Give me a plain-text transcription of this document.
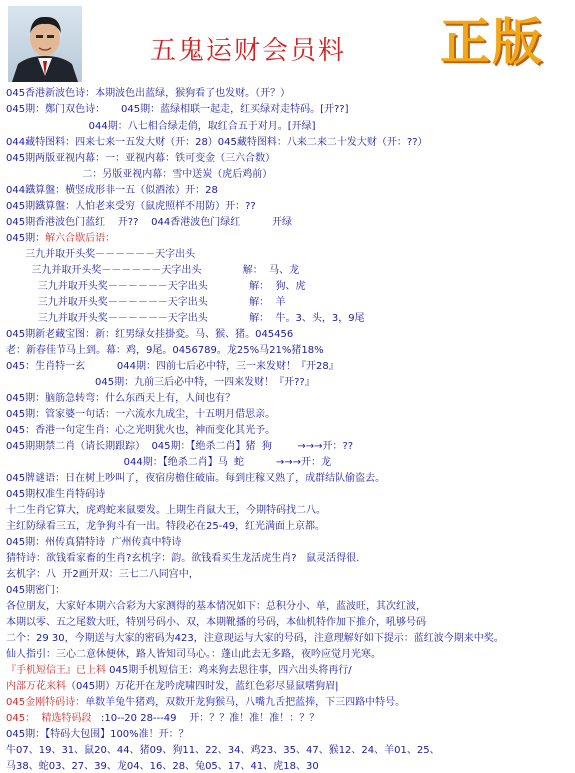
五鬼运财会员料 正版
045香港新波色诗：本期波色出蓝绿，猴狗看了也发财。（开？）
045期：鄭门双色诗：     045期：蓝绿相联一起走，红买绿对走特码。[开??]
044期：八七相合绿走俏，取红合五于对月。[开绿]
044藏特图料：四来七来一五发大财（开：28）045藏特图料：八来二来二十发大财（开：??）
045期两版亚视内幕：一：亚视内幕：铁可变金（三六合数）
二：另版亚视内幕：雪中送炭（虎后鸡前）
044鐡算盤：横竖成形非一五（似酒浓）开：28
045期鐡算盤：人怕老来受穷（鼠虎照样不用防）开：??
045期香港波色门蓝红    开??    044香港波色门绿红          开绿
045期：解六合歇后语：
三九并取开头奖－－－－－－天字出头
三九并取开头奖－－－－－－天字出头             解：  马、龙
三九并取开头奖－－－－－－天字出头             解：  狗、虎
三九并取开头奖－－－－－－天字出头             解：  羊
三九并取开头奖－－－－－－天字出头             解：  牛。3、头，3，9尾
045期新老藏宝图：新：红男绿女挂掛変。马、猴、猪。045456
老：新春佳节马上到。幕：鸡，9尾。0456789。龙25%马21%猪18%
045：生肖特一玄          044期：四前七后必中特，三一来发财！『开28』
045期：九前三后必中特，一四来发财！『开??』
045期：脑筋急转弯：什么东西天上有，人间也有？
045期：管家婆一句话：一六流水九成尘，十五明月借思亲。
045：香港一句定生肖：心之光明犹火也，神而变化其光予。
045期期禁二肖（请长期跟踪）  045期：【绝杀二肖】猪  狗        →→→开：??
044期：【绝杀二肖】马  蛇          →→→开：龙
045牌谜语：日在树上吵叫了，夜宿房檐住破庙。每到庄稼又熟了，成群结队偷盗去。
045期权准生肖特码诗
十二生肖它算大，虎鸡蛇来鼠要发。上期生肖鼠大王，今期特码找二八。
主红防绿看三五，龙争狗斗有一出。特段必在25-49，红光满面上京都。
045期：州传真猜特诗  广州传真中特诗
猜特诗：欲钱看家畜的生肖?玄机字：韵。欲钱看买生龙活虎生肖?   鼠灵活得很.
玄机字：八  开2画开双：三七二八同宫中，
045期密门：
各位朋友，大家好本期六合彩为大家测得的基本情况如下：总积分小、单，蓝波旺，其次红波，
本期以零、五之尾数大旺，特别号码小、双，本期靴播的号码，本仙机特作加下推介，吼够号码
二个：29 30，今期送与大家的密码为423，注意现运与大家的号码，注意理解好如下提示：蓝红波今期来中奖。
仙人指引：三心二意休便休，路人皆知司马心。：蓬山此去无多路，夜吟应觉月光寒。
『手机短信王』已上料 045期手机短信王：鸡来狗去思往事，四六出头将再行/
内部万花来料（045期）万花开在龙吟虎啸四时发，蓝红色彩尽显鼠嗜狗眉|
045金刚特码诗：单数羊兔牛猪鸡，双数开龙狗猴马，八嘴九舌把蓝捧，下三四路中特号。
045：  精选特码段   :10--20 28---49    开：？？准！准！准！：？？
045期：【特码大包围】100%准！开：？
牛07、19、31、鼠20、44、猪09、狗11、22、34、鸡23、35、47、猴12、24、羊01、25、
马38、蛇03、27、39、龙04、16、28、兔05、17、41、虎18、30
